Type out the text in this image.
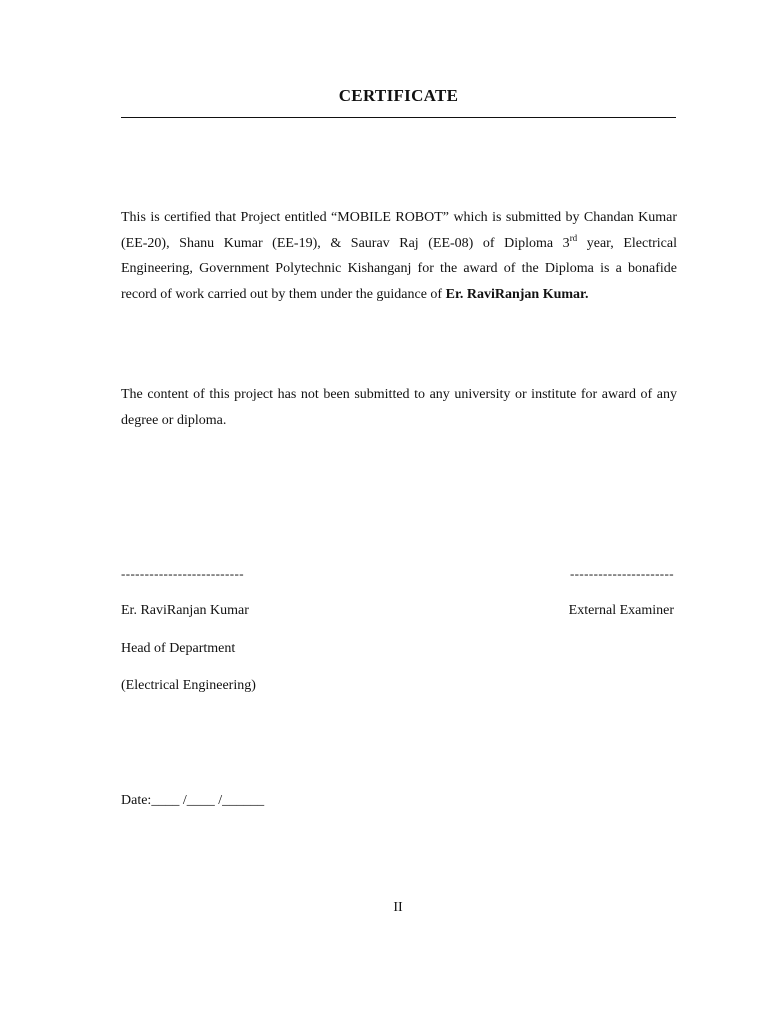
CERTIFICATE

This is certified that Project entitled “MOBILE ROBOT” which is submitted by Chandan Kumar (EE-20), Shanu Kumar (EE-19), & Saurav Raj (EE-08) of Diploma 3rd year, Electrical Engineering, Government Polytechnic Kishanganj for the award of the Diploma is a bonafide record of work carried out by them under the guidance of Er. RaviRanjan Kumar.

The content of this project has not been submitted to any university or institute for award of any degree or diploma.

--------------------------	----------------------
Er. RaviRanjan Kumar
Head of Department
(Electrical Engineering)
External Examiner
Date:____ /____ /______
II
